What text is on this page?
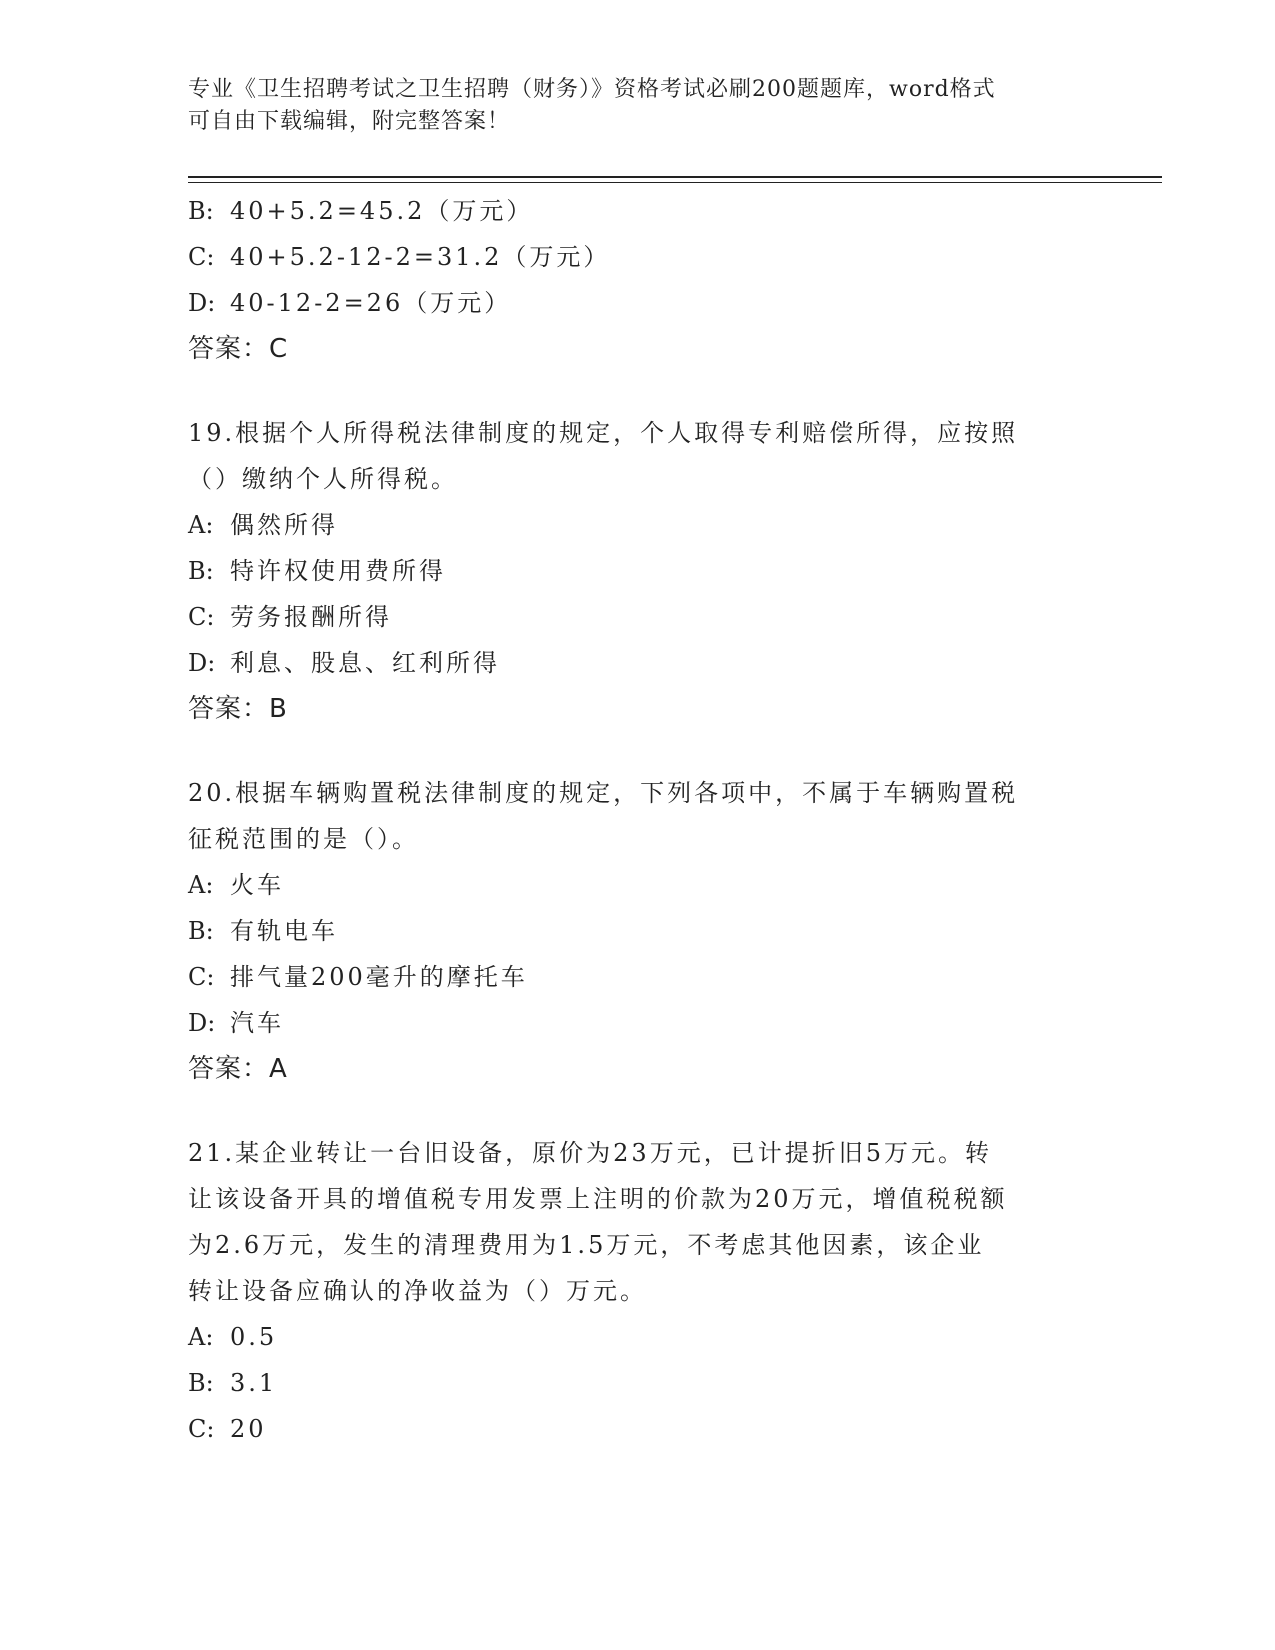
专业《卫生招聘考试之卫生招聘（财务）》资格考试必刷200题题库，word格式
可自由下载编辑，附完整答案！
B: 40+5.2=45.2（万元）
C: 40+5.2-12-2=31.2（万元）
D: 40-12-2=26（万元）
答案：C
19.根据个人所得税法律制度的规定，个人取得专利赔偿所得，应按照
（）缴纳个人所得税。
A: 偶然所得
B: 特许权使用费所得
C: 劳务报酬所得
D: 利息、股息、红利所得
答案：B
20.根据车辆购置税法律制度的规定，下列各项中，不属于车辆购置税
征税范围的是（）。
A: 火车
B: 有轨电车
C: 排气量200毫升的摩托车
D: 汽车
答案：A
21.某企业转让一台旧设备，原价为23万元，已计提折旧5万元。转
让该设备开具的增值税专用发票上注明的价款为20万元，增值税税额
为2.6万元，发生的清理费用为1.5万元，不考虑其他因素，该企业
转让设备应确认的净收益为（）万元。
A: 0.5
B: 3.1
C: 20
